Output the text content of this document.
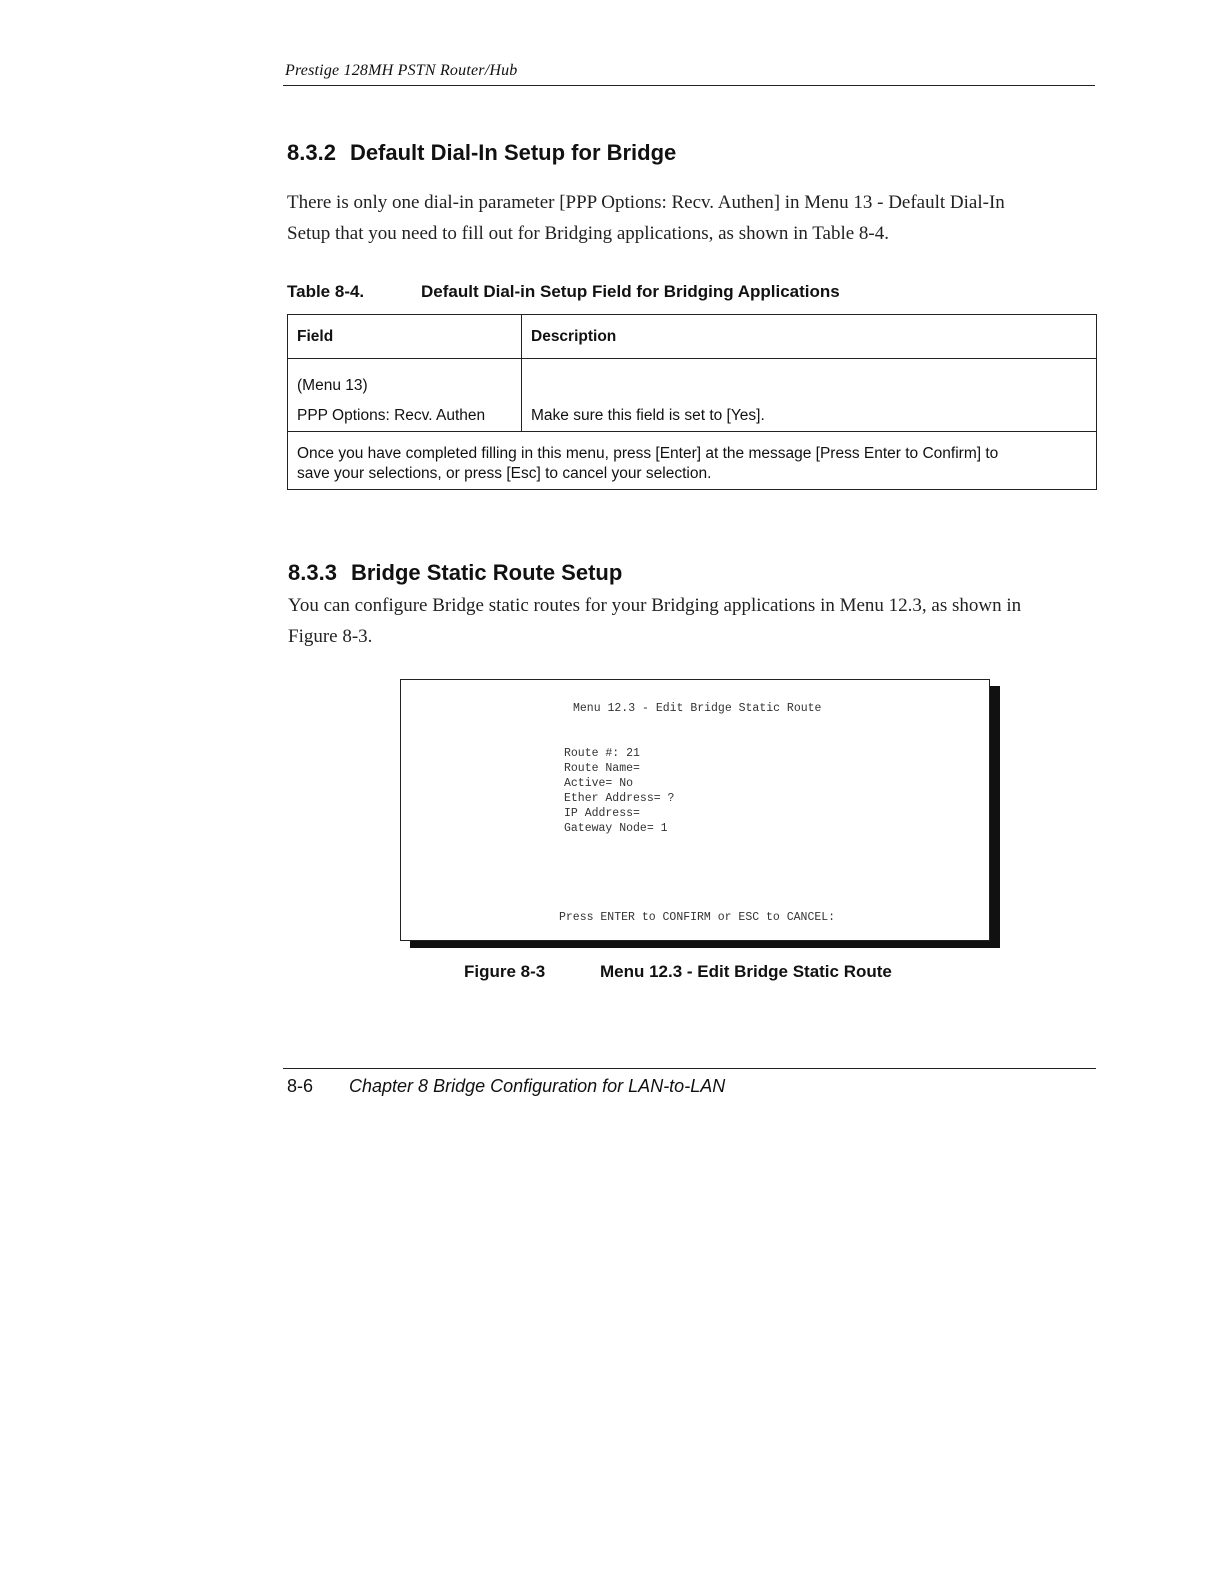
Prestige 128MH PSTN Router/Hub
8.3.2 Default Dial-In Setup for Bridge
There is only one dial-in parameter [PPP Options: Recv. Authen] in Menu 13 - Default Dial-In
Setup that you need to fill out for Bridging applications, as shown in Table 8-4.
Table 8-4.	Default Dial-in Setup Field for Bridging Applications
Field	Description

(Menu 13)
PPP Options: Recv. Authen	Make sure this field is set to [Yes].

Once you have completed filling in this menu, press [Enter] at the message [Press Enter to Confirm] to
save your selections, or press [Esc] to cancel your selection.	
8.3.3 Bridge Static Route Setup
You can configure Bridge static routes for your Bridging applications in Menu 12.3, as shown in
Figure 8-3.
Menu 12.3 - Edit Bridge Static Route
Route #: 21
Route Name=
Active= No
Ether Address= ?
IP Address=
Gateway Node= 1
Press ENTER to CONFIRM or ESC to CANCEL:
Figure 8-3	Menu 12.3 - Edit Bridge Static Route
8-6 Chapter 8 Bridge Configuration for LAN-to-LAN
